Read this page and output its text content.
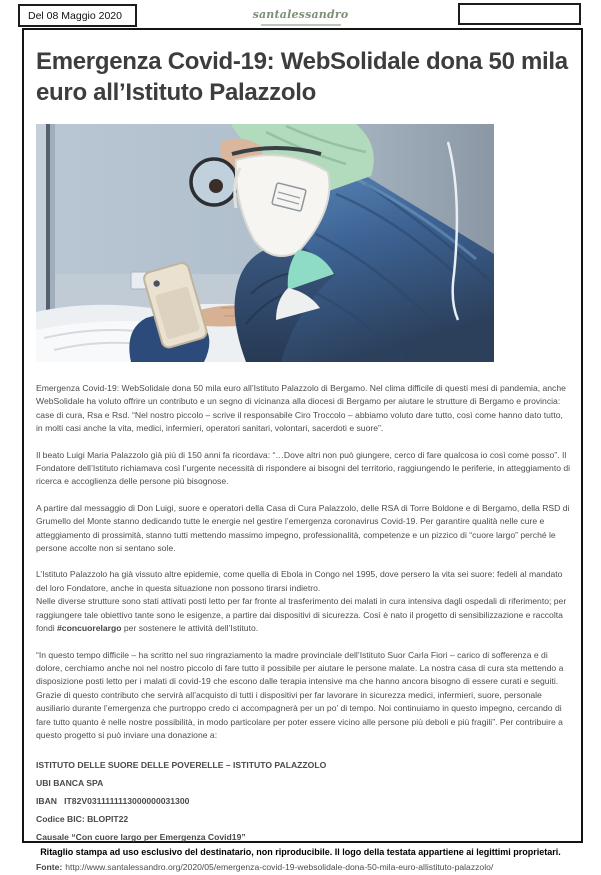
Del 08 Maggio 2020	santalessandro
Emergenza Covid-19: WebSolidale dona 50 mila euro all’Istituto Palazzolo

Emergenza Covid-19: WebSolidale dona 50 mila euro all’Istituto Palazzolo di Bergamo. Nel clima difficile di questi mesi di pandemia, anche WebSolidale ha voluto offrire un contributo e un segno di vicinanza alla diocesi di Bergamo per aiutare le strutture di Bergamo e provincia: case di cura, Rsa e Rsd. “Nel nostro piccolo – scrive il responsabile Ciro Troccolo – abbiamo voluto dare tutto, così come hanno dato tutto, in molti casi anche la vita, medici, infermieri, operatori sanitari, volontari, sacerdoti e suore”.

Il beato Luigi Maria Palazzolo già più di 150 anni fa ricordava: “…Dove altri non può giungere, cerco di fare qualcosa io così come posso”. Il Fondatore dell’Istituto richiamava così l’urgente necessità di rispondere ai bisogni del territorio, raggiungendo le periferie, in atteggiamento di ricerca e accoglienza delle persone più bisognose.

A partire dal messaggio di Don Luigi, suore e operatori della Casa di Cura Palazzolo, delle RSA di Torre Boldone e di Bergamo, della RSD di Grumello del Monte stanno dedicando tutte le energie nel gestire l’emergenza coronavirus Covid-19. Per garantire qualità nelle cure e atteggiamento di prossimità, stanno tutti mettendo massimo impegno, professionalità, competenze e un pizzico di “cuore largo” perché le persone accolte non si sentano sole.

L’Istituto Palazzolo ha già vissuto altre epidemie, come quella di Ebola in Congo nel 1995, dove persero la vita sei suore: fedeli al mandato del loro Fondatore, anche in questa situazione non possono tirarsi indietro.
Nelle diverse strutture sono stati attivati posti letto per far fronte al trasferimento dei malati in cura intensiva dagli ospedali di riferimento; per raggiungere tale obiettivo tante sono le esigenze, a partire dai dispositivi di sicurezza. Così è nato il progetto di sensibilizzazione e raccolta fondi #concuorelargo per sostenere le attività dell’Istituto.

“In questo tempo difficile – ha scritto nel suo ringraziamento la madre provinciale dell’Istituto Suor Carla Fiori – carico di sofferenza e di dolore, cerchiamo anche noi nel nostro piccolo di fare tutto il possibile per aiutare le persone malate. La nostra casa di cura sta mettendo a disposizione posti letto per i malati di covid-19 che escono dalle terapia intensive ma che hanno ancora bisogno di essere curati e seguiti. Grazie di questo contributo che servirà all’acquisto di tutti i dispositivi per far lavorare in sicurezza medici, infermieri, suore, personale ausiliario durante l’emergenza che purtroppo credo ci accompagnerà per un po’ di tempo. Noi continuiamo in questo impegno, cercando di fare tutto quanto è nelle nostre possibilità, in modo particolare per poter essere vicino alle persone più deboli e più fragili”. Per contribuire a questo progetto si può inviare una donazione a:

ISTITUTO DELLE SUORE DELLE POVERELLE – ISTITUTO PALAZZOLO

UBI BANCA SPA

IBAN   IT82V0311111113000000031300

Codice BIC: BLOPIT22

Causale “Con cuore largo per Emergenza Covid19”

Fonte: http://www.santalessandro.org/2020/05/emergenza-covid-19-websolidale-dona-50-mila-euro-allistituto-palazzolo/

Ritaglio stampa ad uso esclusivo del destinatario, non riproducibile. Il logo della testata appartiene ai legittimi proprietari.
